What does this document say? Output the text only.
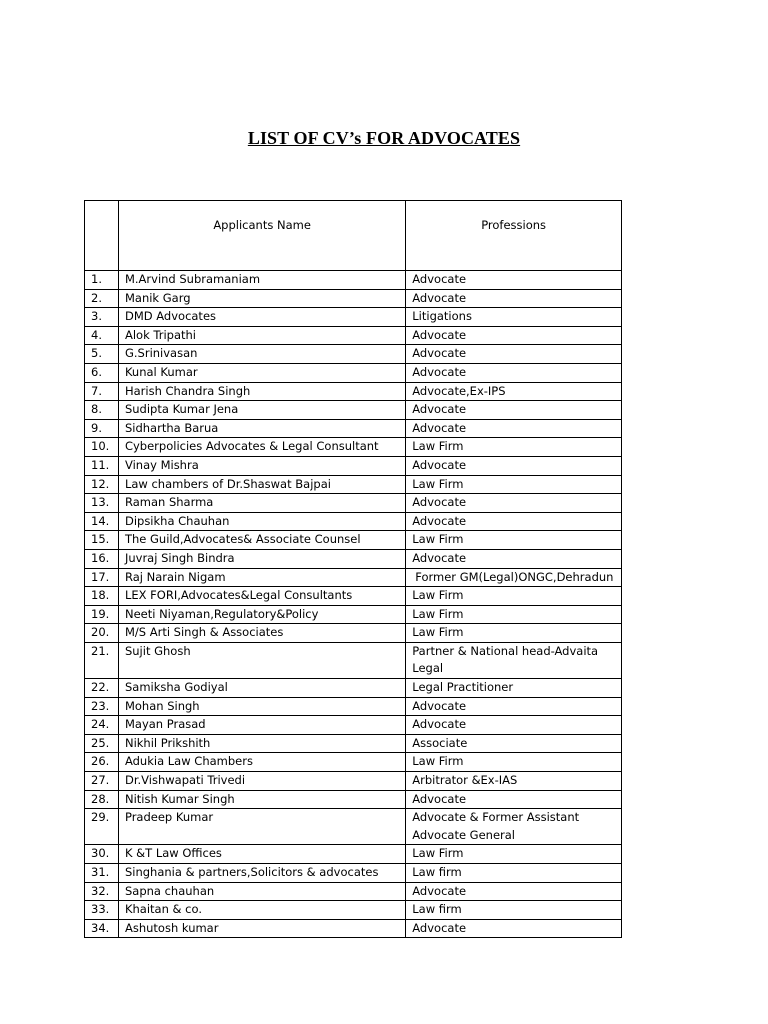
LIST OF CV’s FOR ADVOCATES
	Applicants Name	Professions
1.	M.Arvind Subramaniam	Advocate
2.	Manik Garg	Advocate
3.	DMD Advocates	Litigations
4.	Alok Tripathi	Advocate
5.	G.Srinivasan	Advocate
6.	Kunal Kumar	Advocate
7.	Harish Chandra Singh	Advocate,Ex-IPS
8.	Sudipta Kumar Jena	Advocate
9.	Sidhartha Barua	Advocate
10.	Cyberpolicies Advocates & Legal Consultant	Law Firm
11.	Vinay Mishra	Advocate
12.	Law chambers of Dr.Shaswat Bajpai	Law Firm
13.	Raman Sharma	Advocate
14.	Dipsikha Chauhan	Advocate
15.	The Guild,Advocates& Associate Counsel	Law Firm
16.	Juvraj Singh Bindra	Advocate
17.	Raj Narain Nigam	Former GM(Legal)ONGC,Dehradun
18.	LEX FORI,Advocates&Legal Consultants	Law Firm
19.	Neeti Niyaman,Regulatory&Policy	Law Firm
20.	M/S Arti Singh & Associates	Law Firm
21.	Sujit Ghosh	Partner & National head-Advaita Legal
22.	Samiksha Godiyal	Legal Practitioner
23.	Mohan Singh	Advocate
24.	Mayan Prasad	Advocate
25.	Nikhil Prikshith	Associate
26.	Adukia Law Chambers	Law Firm
27.	Dr.Vishwapati Trivedi	Arbitrator &Ex-IAS
28.	Nitish Kumar Singh	Advocate
29.	Pradeep Kumar	Advocate & Former Assistant Advocate General
30.	K &T Law Offices	Law Firm
31.	Singhania & partners,Solicitors & advocates	Law firm
32.	Sapna chauhan	Advocate
33.	Khaitan & co.	Law firm
34.	Ashutosh kumar	Advocate
